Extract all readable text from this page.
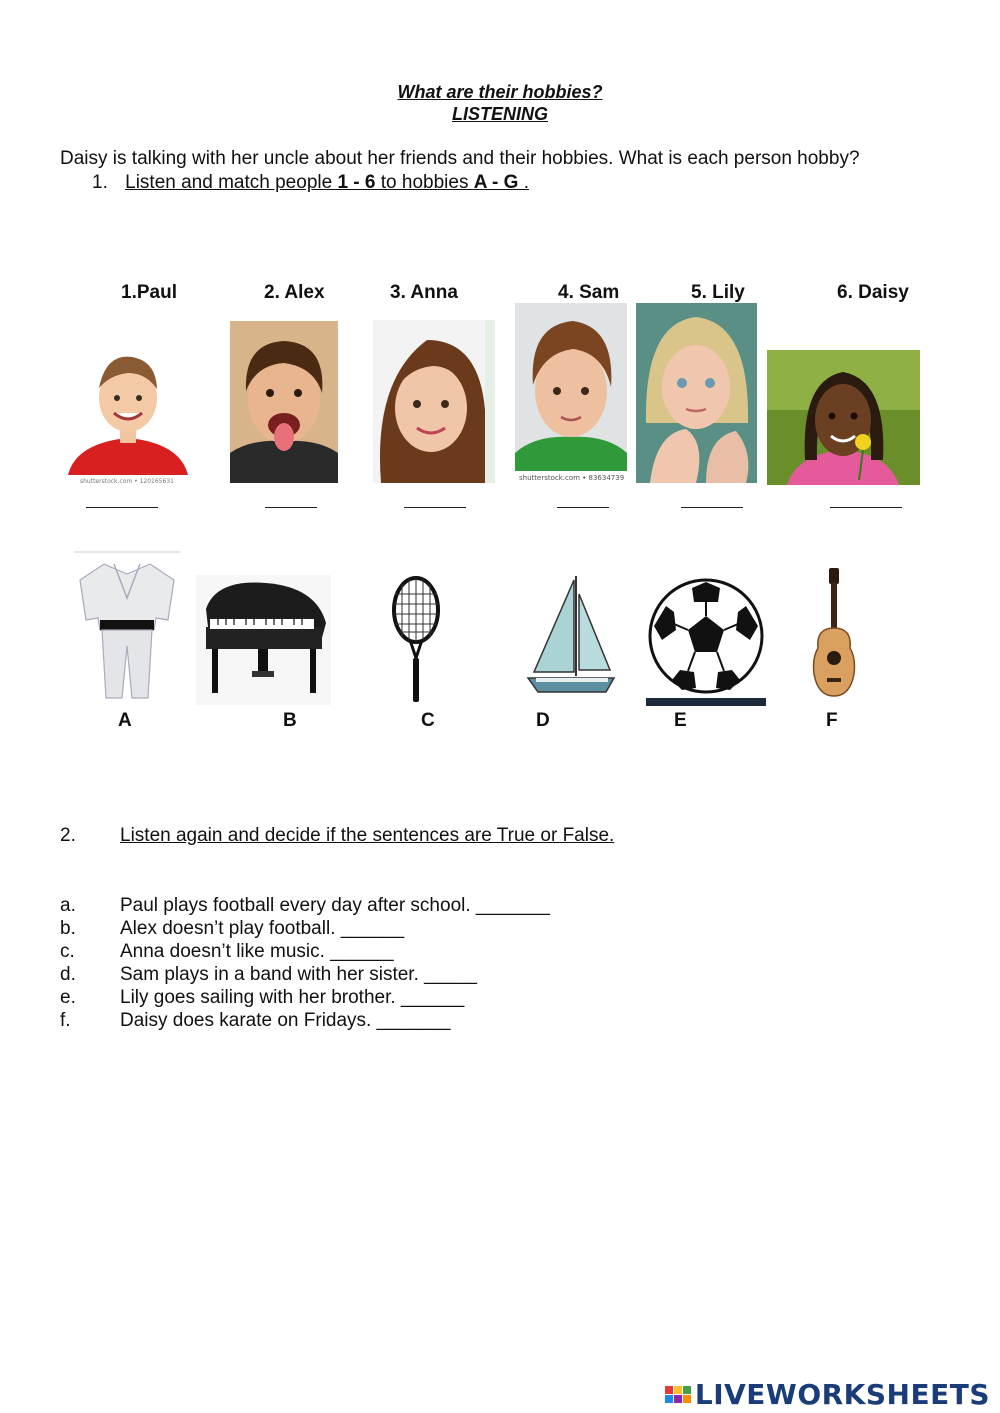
What are their hobbies?
LISTENING
Daisy is talking with her uncle about her friends and their hobbies. What is each person hobby?
1. Listen and match people 1 - 6 to hobbies A - G .
1.Paul	2. Alex	3. Anna	4. Sam	5. Lily	6. Daisy
shutterstock.com • 120165631	shutterstock.com • 83634739
A	B	C	D	E	F
2. Listen again and decide if the sentences are True or False.
a. Paul plays football every day after school. _______
b. Alex doesn’t play football. ______
c. Anna doesn’t like music. ______
d. Sam plays in a band with her sister. _____
e. Lily goes sailing with her brother. ______
f.	Daisy does karate on Fridays. _______
LIVEWORKSHEETS
